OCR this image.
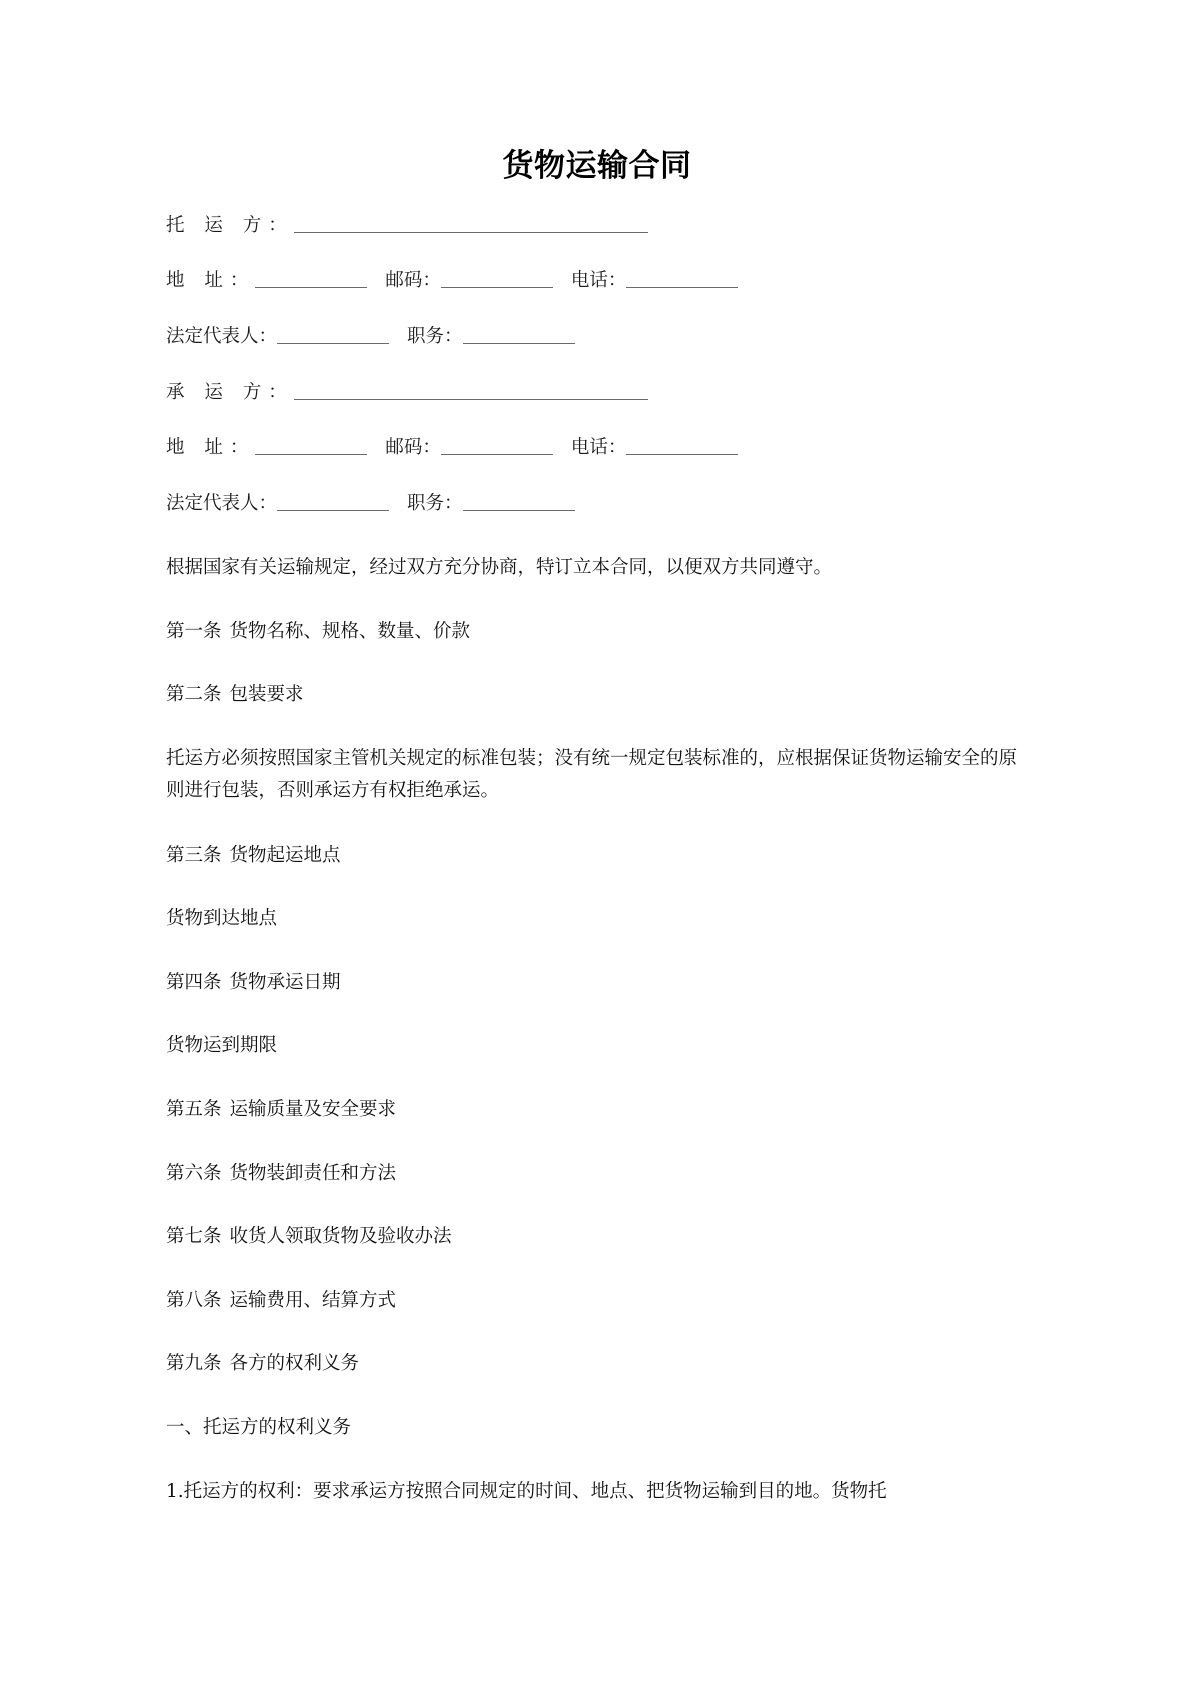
货物运输合同
托 运 方：
地 址：	邮码：	电话：
法定代表人：	职务：
承 运 方：
地 址：	邮码：	电话：
法定代表人：	职务：

根据国家有关运输规定，经过双方充分协商，特订立本合同，以便双方共同遵守。

第一条 货物名称、规格、数量、价款

第二条 包装要求

托运方必须按照国家主管机关规定的标准包装；没有统一规定包装标准的，应根据保证货物运输安全的原则进行包装，否则承运方有权拒绝承运。

第三条 货物起运地点

货物到达地点

第四条 货物承运日期

货物运到期限

第五条 运输质量及安全要求

第六条 货物装卸责任和方法

第七条 收货人领取货物及验收办法

第八条 运输费用、结算方式

第九条 各方的权利义务

一、托运方的权利义务

1.托运方的权利：要求承运方按照合同规定的时间、地点、把货物运输到目的地。货物托
